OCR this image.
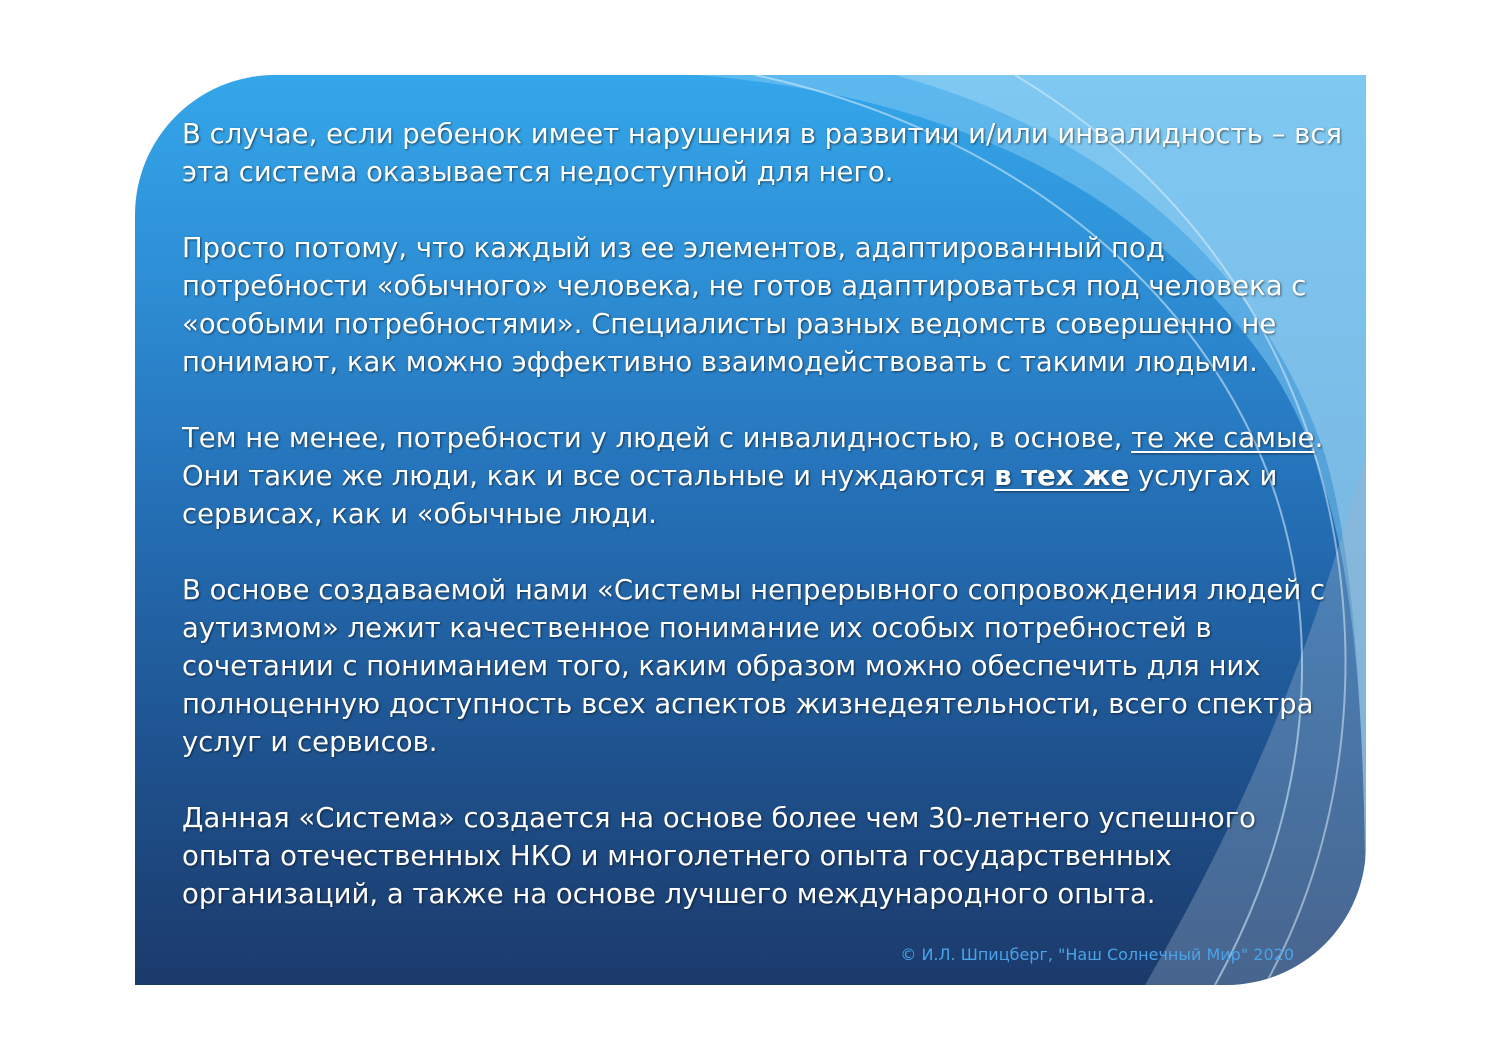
В случае, если ребенок имеет нарушения в развитии и/или инвалидность – вся эта система оказывается недоступной для него.

Просто потому, что каждый из ее элементов, адаптированный под потребности «обычного» человека, не готов адаптироваться под человека с «особыми потребностями». Специалисты разных ведомств совершенно не понимают, как можно эффективно взаимодействовать с такими людьми.

Тем не менее, потребности у людей с инвалидностью, в основе, те же самые. Они такие же люди, как и все остальные и нуждаются в тех же услугах и сервисах, как и «обычные люди.

В основе создаваемой нами «Системы непрерывного сопровождения людей с аутизмом» лежит качественное понимание их особых потребностей в сочетании с пониманием того, каким образом можно обеспечить для них полноценную доступность всех аспектов жизнедеятельности, всего спектра услуг и сервисов.

Данная «Система» создается на основе более чем 30-летнего успешного опыта отечественных НКО и многолетнего опыта государственных организаций, а также на основе лучшего международного опыта.

© И.Л. Шпицберг, "Наш Солнечный Мир" 2020
